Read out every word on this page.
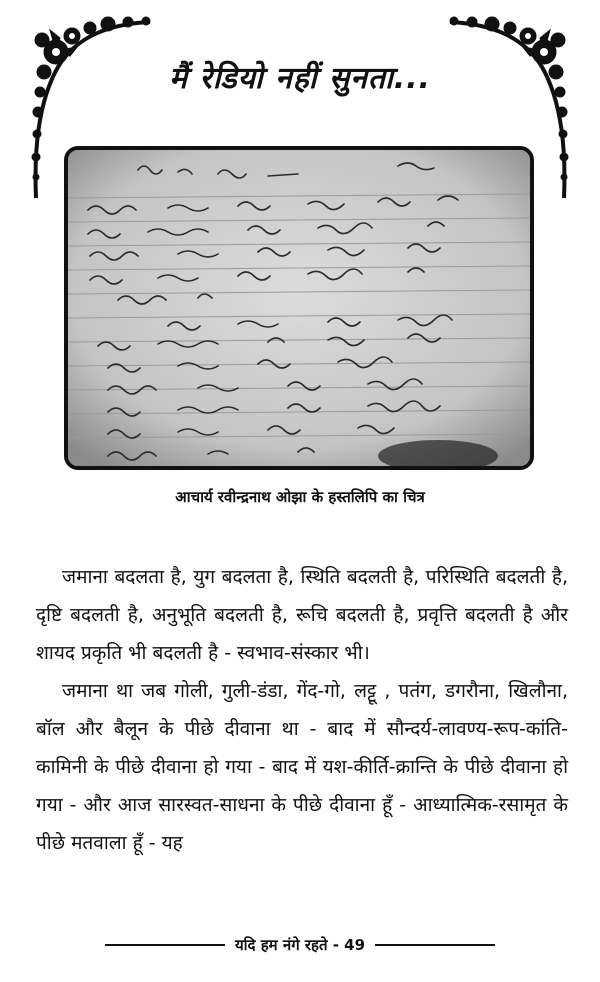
मैं रेडियो नहीं सुनता...
आचार्य रवीन्द्रनाथ ओझा के हस्तलिपि का चित्र

जमाना बदलता है, युग बदलता है, स्थिति बदलती है, परिस्थिति बदलती है, दृष्टि बदलती है, अनुभूति बदलती है, रूचि बदलती है, प्रवृत्ति बदलती है और शायद प्रकृति भी बदलती है - स्वभाव-संस्कार भी।

जमाना था जब गोली, गुली-डंडा, गेंद-गो, लट्टू , पतंग, डगरौना, खिलौना, बॉल और बैलून के पीछे दीवाना था - बाद में सौन्दर्य-लावण्य-रूप-कांति-कामिनी के पीछे दीवाना हो गया - बाद में यश-कीर्ति-क्रान्ति के पीछे दीवाना हो गया - और आज सारस्वत-साधना के पीछे दीवाना हूँ - आध्यात्मिक-रसामृत के पीछे मतवाला हूँ - यह

यदि हम नंगे रहते - 49
